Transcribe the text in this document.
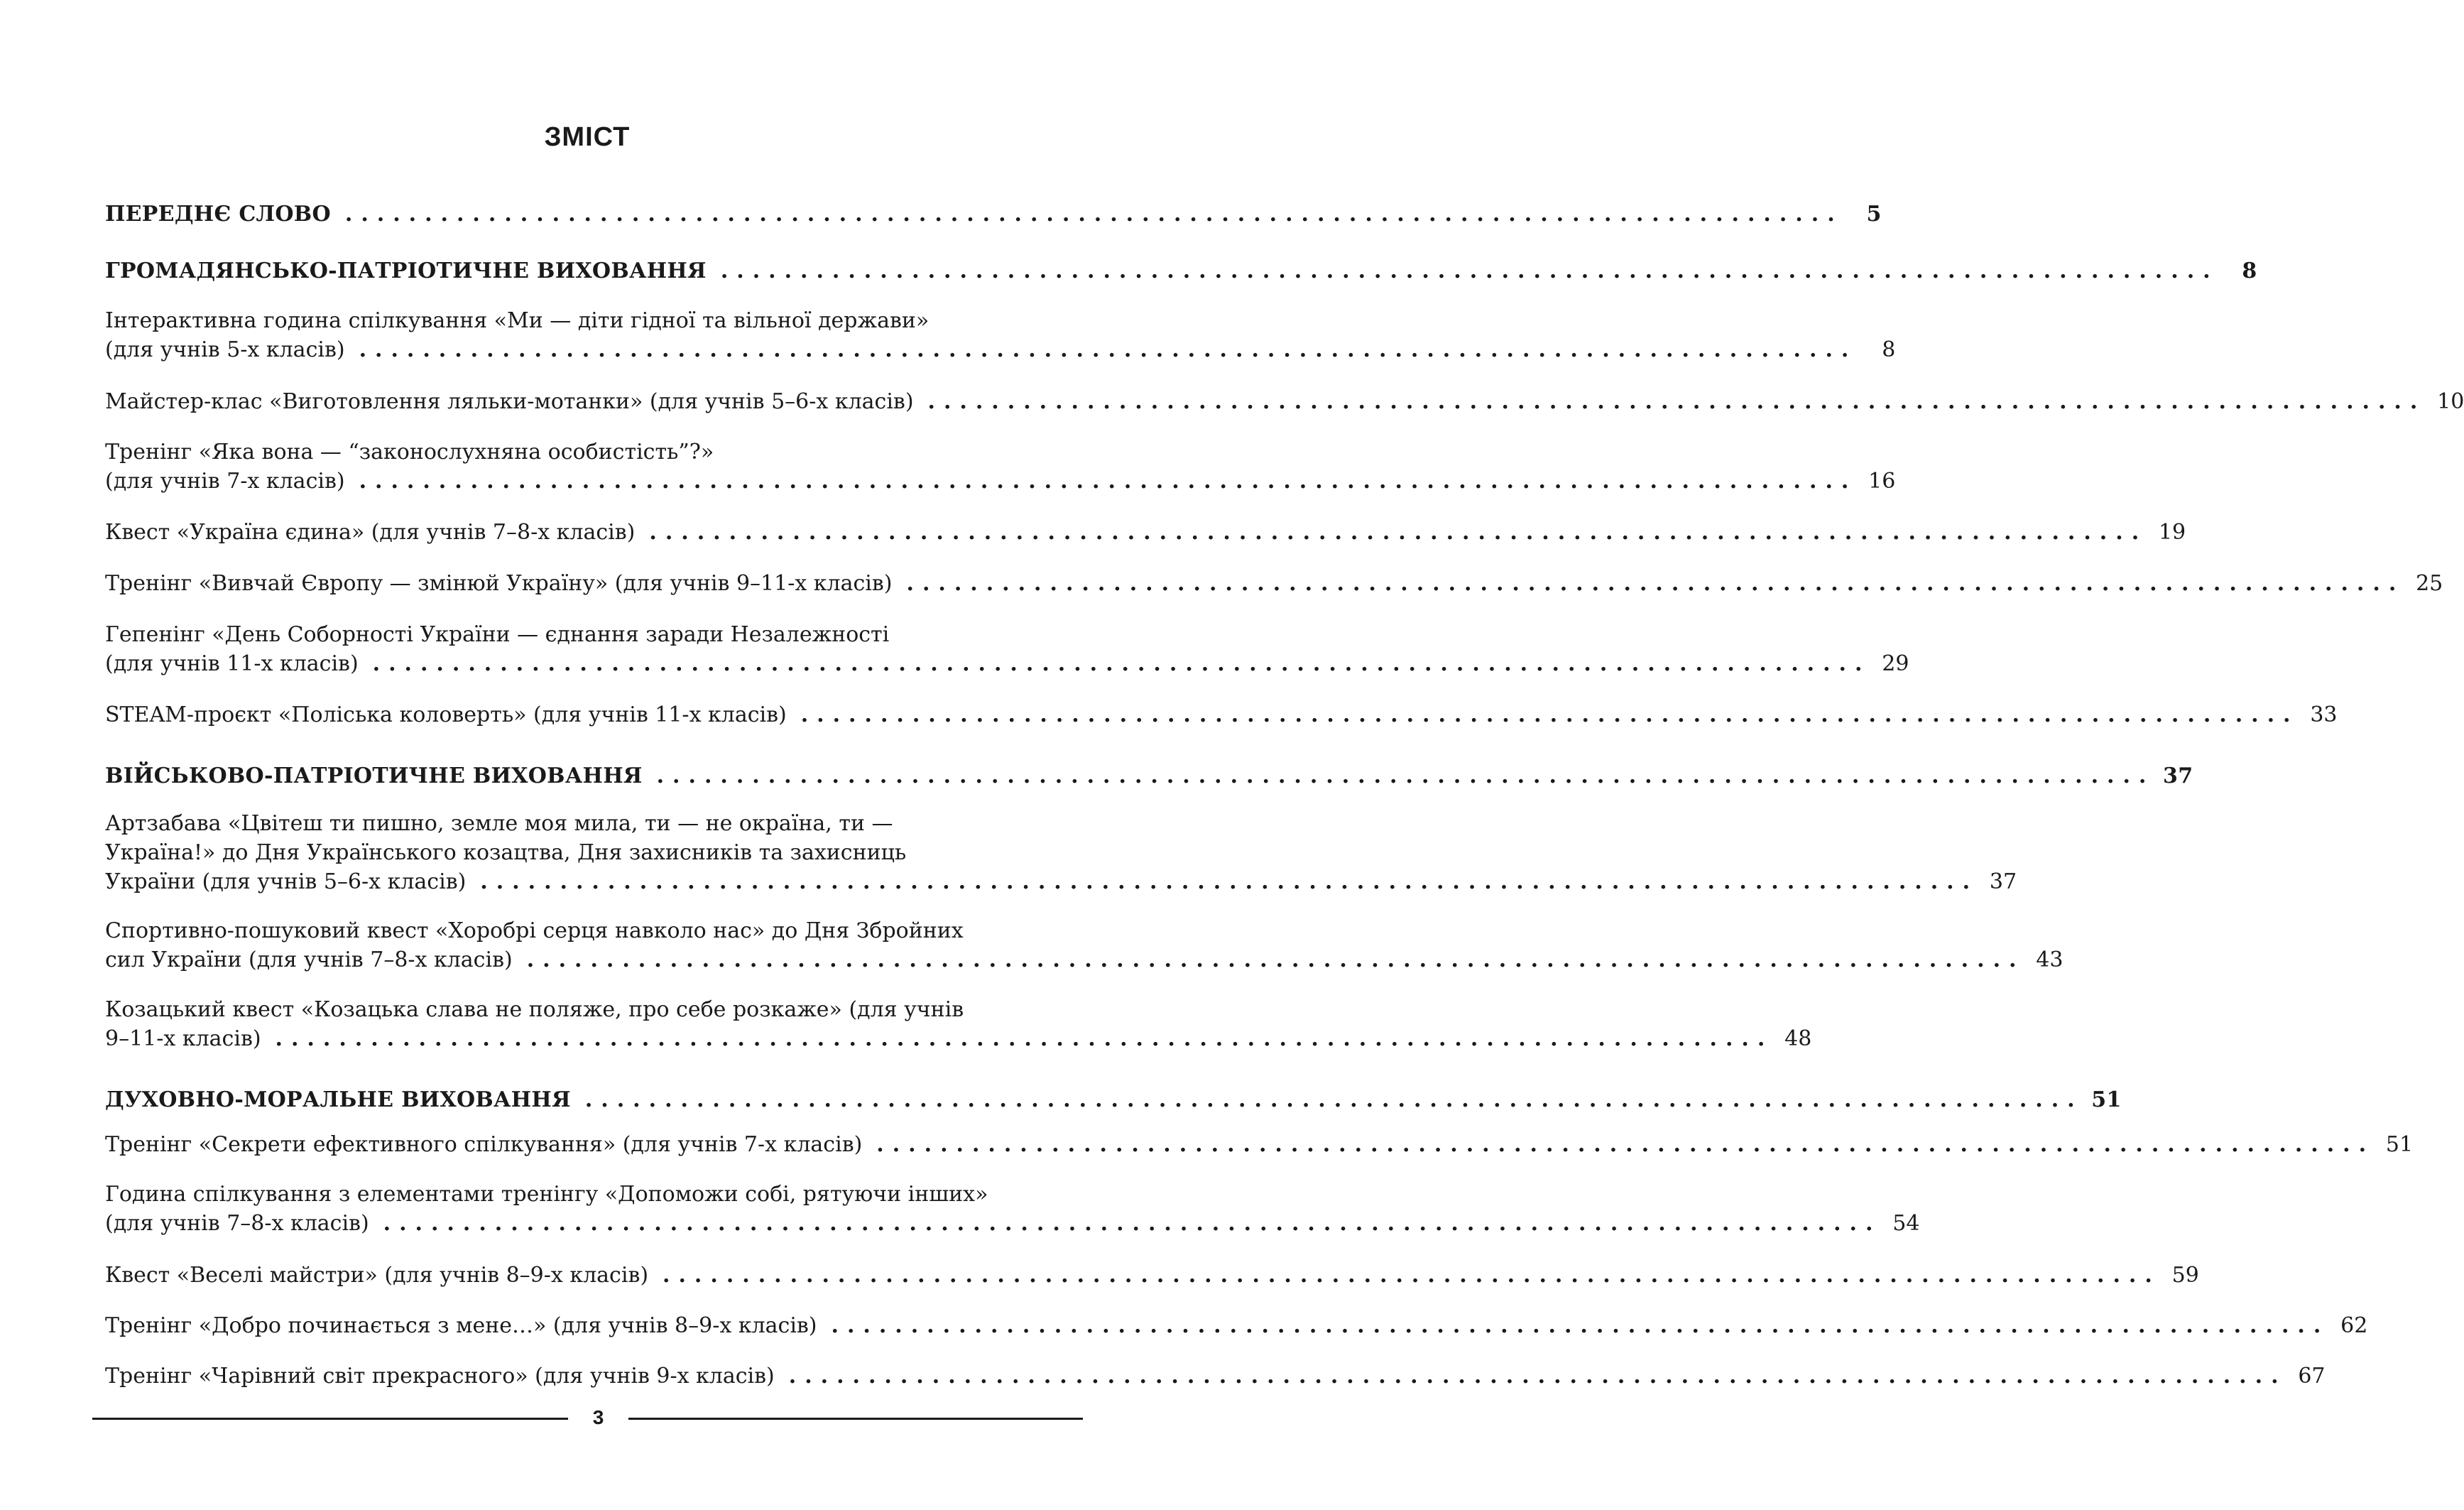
ЗМІСТ
ПЕРЕДНЄ СЛОВО ..............................................................................................	5
ГРОМАДЯНСЬКО-ПАТРІОТИЧНЕ ВИХОВАННЯ ..............................................................................................	8
Інтерактивна година спілкування «Ми — діти гідної та вільної держави»
(для учнів 5-х класів) ..............................................................................................	8
Майстер-клас «Виготовлення ляльки-мотанки» (для учнів 5–6-х класів) .............................................................................................. 10
Тренінг «Яка вона — “законослухняна особистість”?»
(для учнів 7-х класів) .............................................................................................. 16
Квест «Україна єдина» (для учнів 7–8-х класів) .............................................................................................. 19
Тренінг «Вивчай Європу — змінюй Україну» (для учнів 9–11-х класів) .............................................................................................. 25
Гепенінг «День Соборності України — єднання заради Незалежності
(для учнів 11-х класів) .............................................................................................. 29
STEAM-проєкт «Поліська коловерть» (для учнів 11-х класів) .............................................................................................. 33
ВІЙСЬКОВО-ПАТРІОТИЧНЕ ВИХОВАННЯ .............................................................................................. 37
Артзабава «Цвітеш ти пишно, земле моя мила, ти — не окраїна, ти —
Україна!» до Дня Українського козацтва, Дня захисників та захисниць
України (для учнів 5–6-х класів) .............................................................................................. 37
Спортивно-пошуковий квест «Хоробрі серця навколо нас» до Дня Збройних
сил України (для учнів 7–8-х класів) .............................................................................................. 43
Козацький квест «Козацька слава не поляже, про себе розкаже» (для учнів
9–11-х класів) .............................................................................................. 48
ДУХОВНО-МОРАЛЬНЕ ВИХОВАННЯ .............................................................................................. 51
Тренінг «Секрети ефективного спілкування» (для учнів 7-х класів) .............................................................................................. 51
Година спілкування з елементами тренінгу «Допоможи собі, рятуючи інших»
(для учнів 7–8-х класів) .............................................................................................. 54
Квест «Веселі майстри» (для учнів 8–9-х класів) .............................................................................................. 59
Тренінг «Добро починається з мене…» (для учнів 8–9-х класів) .............................................................................................. 62
Тренінг «Чарівний світ прекрасного» (для учнів 9-х класів) .............................................................................................. 67
3
